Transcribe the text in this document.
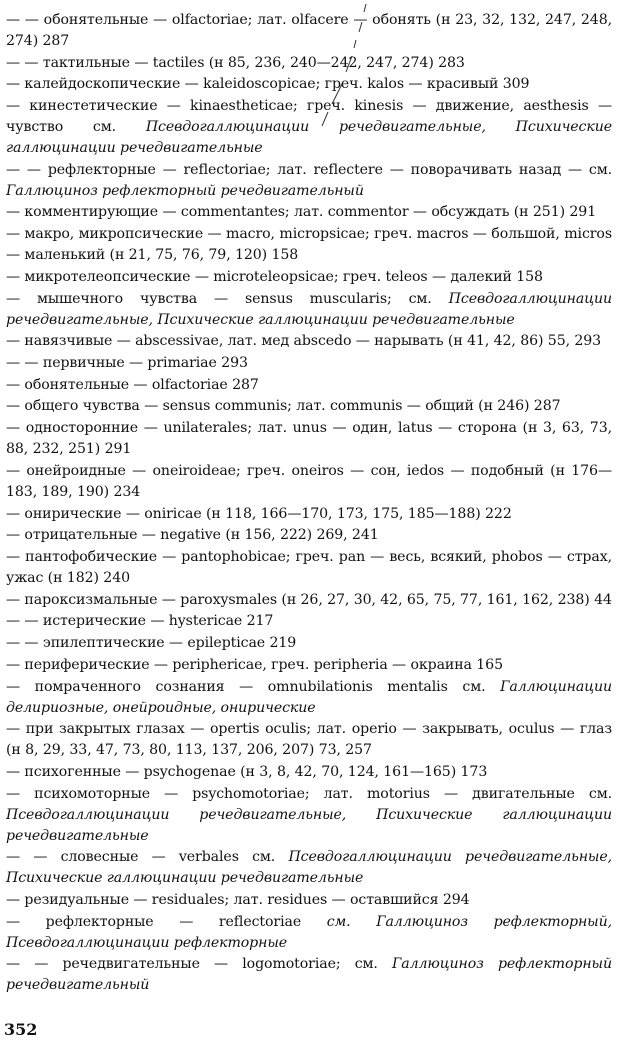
— — обонятельные — olfactoriae; лат. olfacere — обонять (н 23, 32, 132, 247, 248, 274) 287

— — тактильные — tactiles (н 85, 236, 240—242, 247, 274) 283

— калейдоскопические — kaleidoscopicae; греч. kalos — красивый 309

— кинестетические — kinaestheticae; греч. kinesis — движение, aesthesis — чувство см. Псевдогаллюцинации речедвигательные, Психические галлюцинации речедвигательные

— — рефлекторные — reflectoriae; лат. reflectere — поворачивать назад — см. Галлюциноз рефлекторный речедвигательный

— комментирующие — commentantes; лат. commentor — обсуждать (н 251) 291

— макро, микропсические — macro, micropsicae; греч. macros — большой, micros — маленький (н 21, 75, 76, 79, 120) 158

— микротелеопсические — microteleopsicae; греч. teleos — далекий 158

— мышечного чувства — sensus muscularis; см. Псевдогаллюцинации речедвигательные, Психические галлюцинации речедвигательные

— навязчивые — abscessivae, лат. мед abscedo — нарывать (н 41, 42, 86) 55, 293

— — первичные — primariae 293

— обонятельные — olfactoriae 287

— общего чувства — sensus communis; лат. communis — общий (н 246) 287

— односторонние — unilaterales; лат. unus — один, latus — сторона (н 3, 63, 73, 88, 232, 251) 291

— онейроидные — oneiroideae; греч. oneiros — сон, iedos — подобный (н 176—183, 189, 190) 234

— онирические — oniricae (н 118, 166—170, 173, 175, 185—188) 222

— отрицательные — negative (н 156, 222) 269, 241

— пантофобические — pantophobicae; греч. pan — весь, всякий, phobos — страх, ужас (н 182) 240

— пароксизмальные — paroxysmales (н 26, 27, 30, 42, 65, 75, 77, 161, 162, 238) 44

— — истерические — hystericae 217

— — эпилептические — epilepticae 219

— периферические — periphericae, греч. peripheria — окраина 165

— помраченного сознания — omnubilationis mentalis см. Галлюцинации делириозные, онейроидные, онирические

— при закрытых глазах — opertis oculis; лат. operio — закрывать, oculus — глаз (н 8, 29, 33, 47, 73, 80, 113, 137, 206, 207) 73, 257

— психогенные — psychogenae (н 3, 8, 42, 70, 124, 161—165) 173

— психомоторные — psychomotoriae; лат. motorius — двигательные см. Псевдогаллюцинации речедвигательные, Психические галлюцинации речедвигательные

— — словесные — verbales см. Псевдогаллюцинации речедвигательные, Психические галлюцинации речедвигательные

— резидуальные — residuales; лат. residues — оставшийся 294

— рефлекторные — reflectoriae см. Галлюциноз рефлекторный, Псевдогаллюцинации рефлекторные

— — речедвигательные — logomotoriae; см. Галлюциноз рефлекторный речедвигательный

352
